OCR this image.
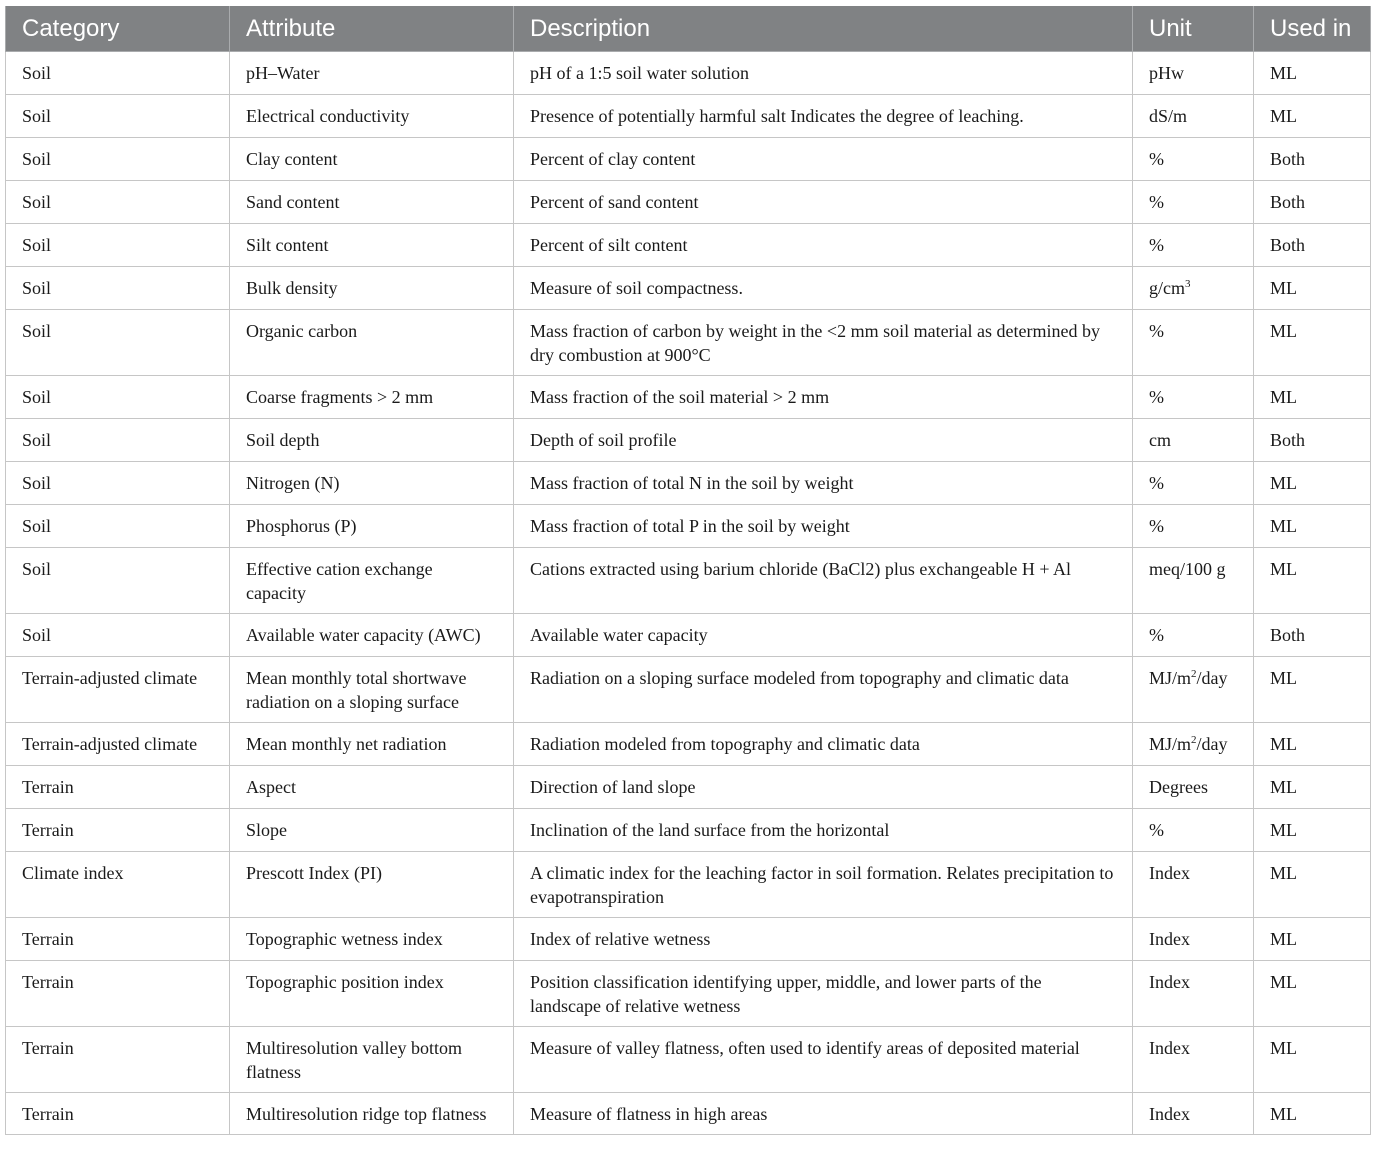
Category	Attribute	Description	Unit	Used in
Soil	pH–Water	pH of a 1:5 soil water solution	pHw	ML
Soil	Electrical conductivity	Presence of potentially harmful salt Indicates the degree of leaching.	dS/m	ML
Soil	Clay content	Percent of clay content	%	Both
Soil	Sand content	Percent of sand content	%	Both
Soil	Silt content	Percent of silt content	%	Both
Soil	Bulk density	Measure of soil compactness.	$g/cm^3$	ML
Soil	Organic carbon	Mass fraction of carbon by weight in the <2 mm soil material as determined by dry combustion at 900°C	%	ML
Soil	Coarse fragments > 2 mm	Mass fraction of the soil material > 2 mm	%	ML
Soil	Soil depth	Depth of soil profile	cm	Both
Soil	Nitrogen (N)	Mass fraction of total N in the soil by weight	%	ML
Soil	Phosphorus (P)	Mass fraction of total P in the soil by weight	%	ML
Soil	Effective cation exchange capacity	Cations extracted using barium chloride (BaCl2) plus exchangeable H + Al	meq/100 g	ML
Soil	Available water capacity (AWC)	Available water capacity	%	Both
Terrain-adjusted climate	Mean monthly total shortwave radiation on a sloping surface	Radiation on a sloping surface modeled from topography and climatic data	$MJ/m^2$/day	ML
Terrain-adjusted climate	Mean monthly net radiation	Radiation modeled from topography and climatic data	$MJ/m^2$/day	ML
Terrain	Aspect	Direction of land slope	Degrees	ML
Terrain	Slope	Inclination of the land surface from the horizontal	%	ML
Climate index	Prescott Index (PI)	A climatic index for the leaching factor in soil formation. Relates precipitation to evapotranspiration	Index	ML
Terrain	Topographic wetness index	Index of relative wetness	Index	ML
Terrain	Topographic position index	Position classification identifying upper, middle, and lower parts of the landscape of relative wetness	Index	ML
Terrain	Multiresolution valley bottom flatness	Measure of valley flatness, often used to identify areas of deposited material	Index	ML
Terrain	Multiresolution ridge top flatness	Measure of flatness in high areas	Index	ML
